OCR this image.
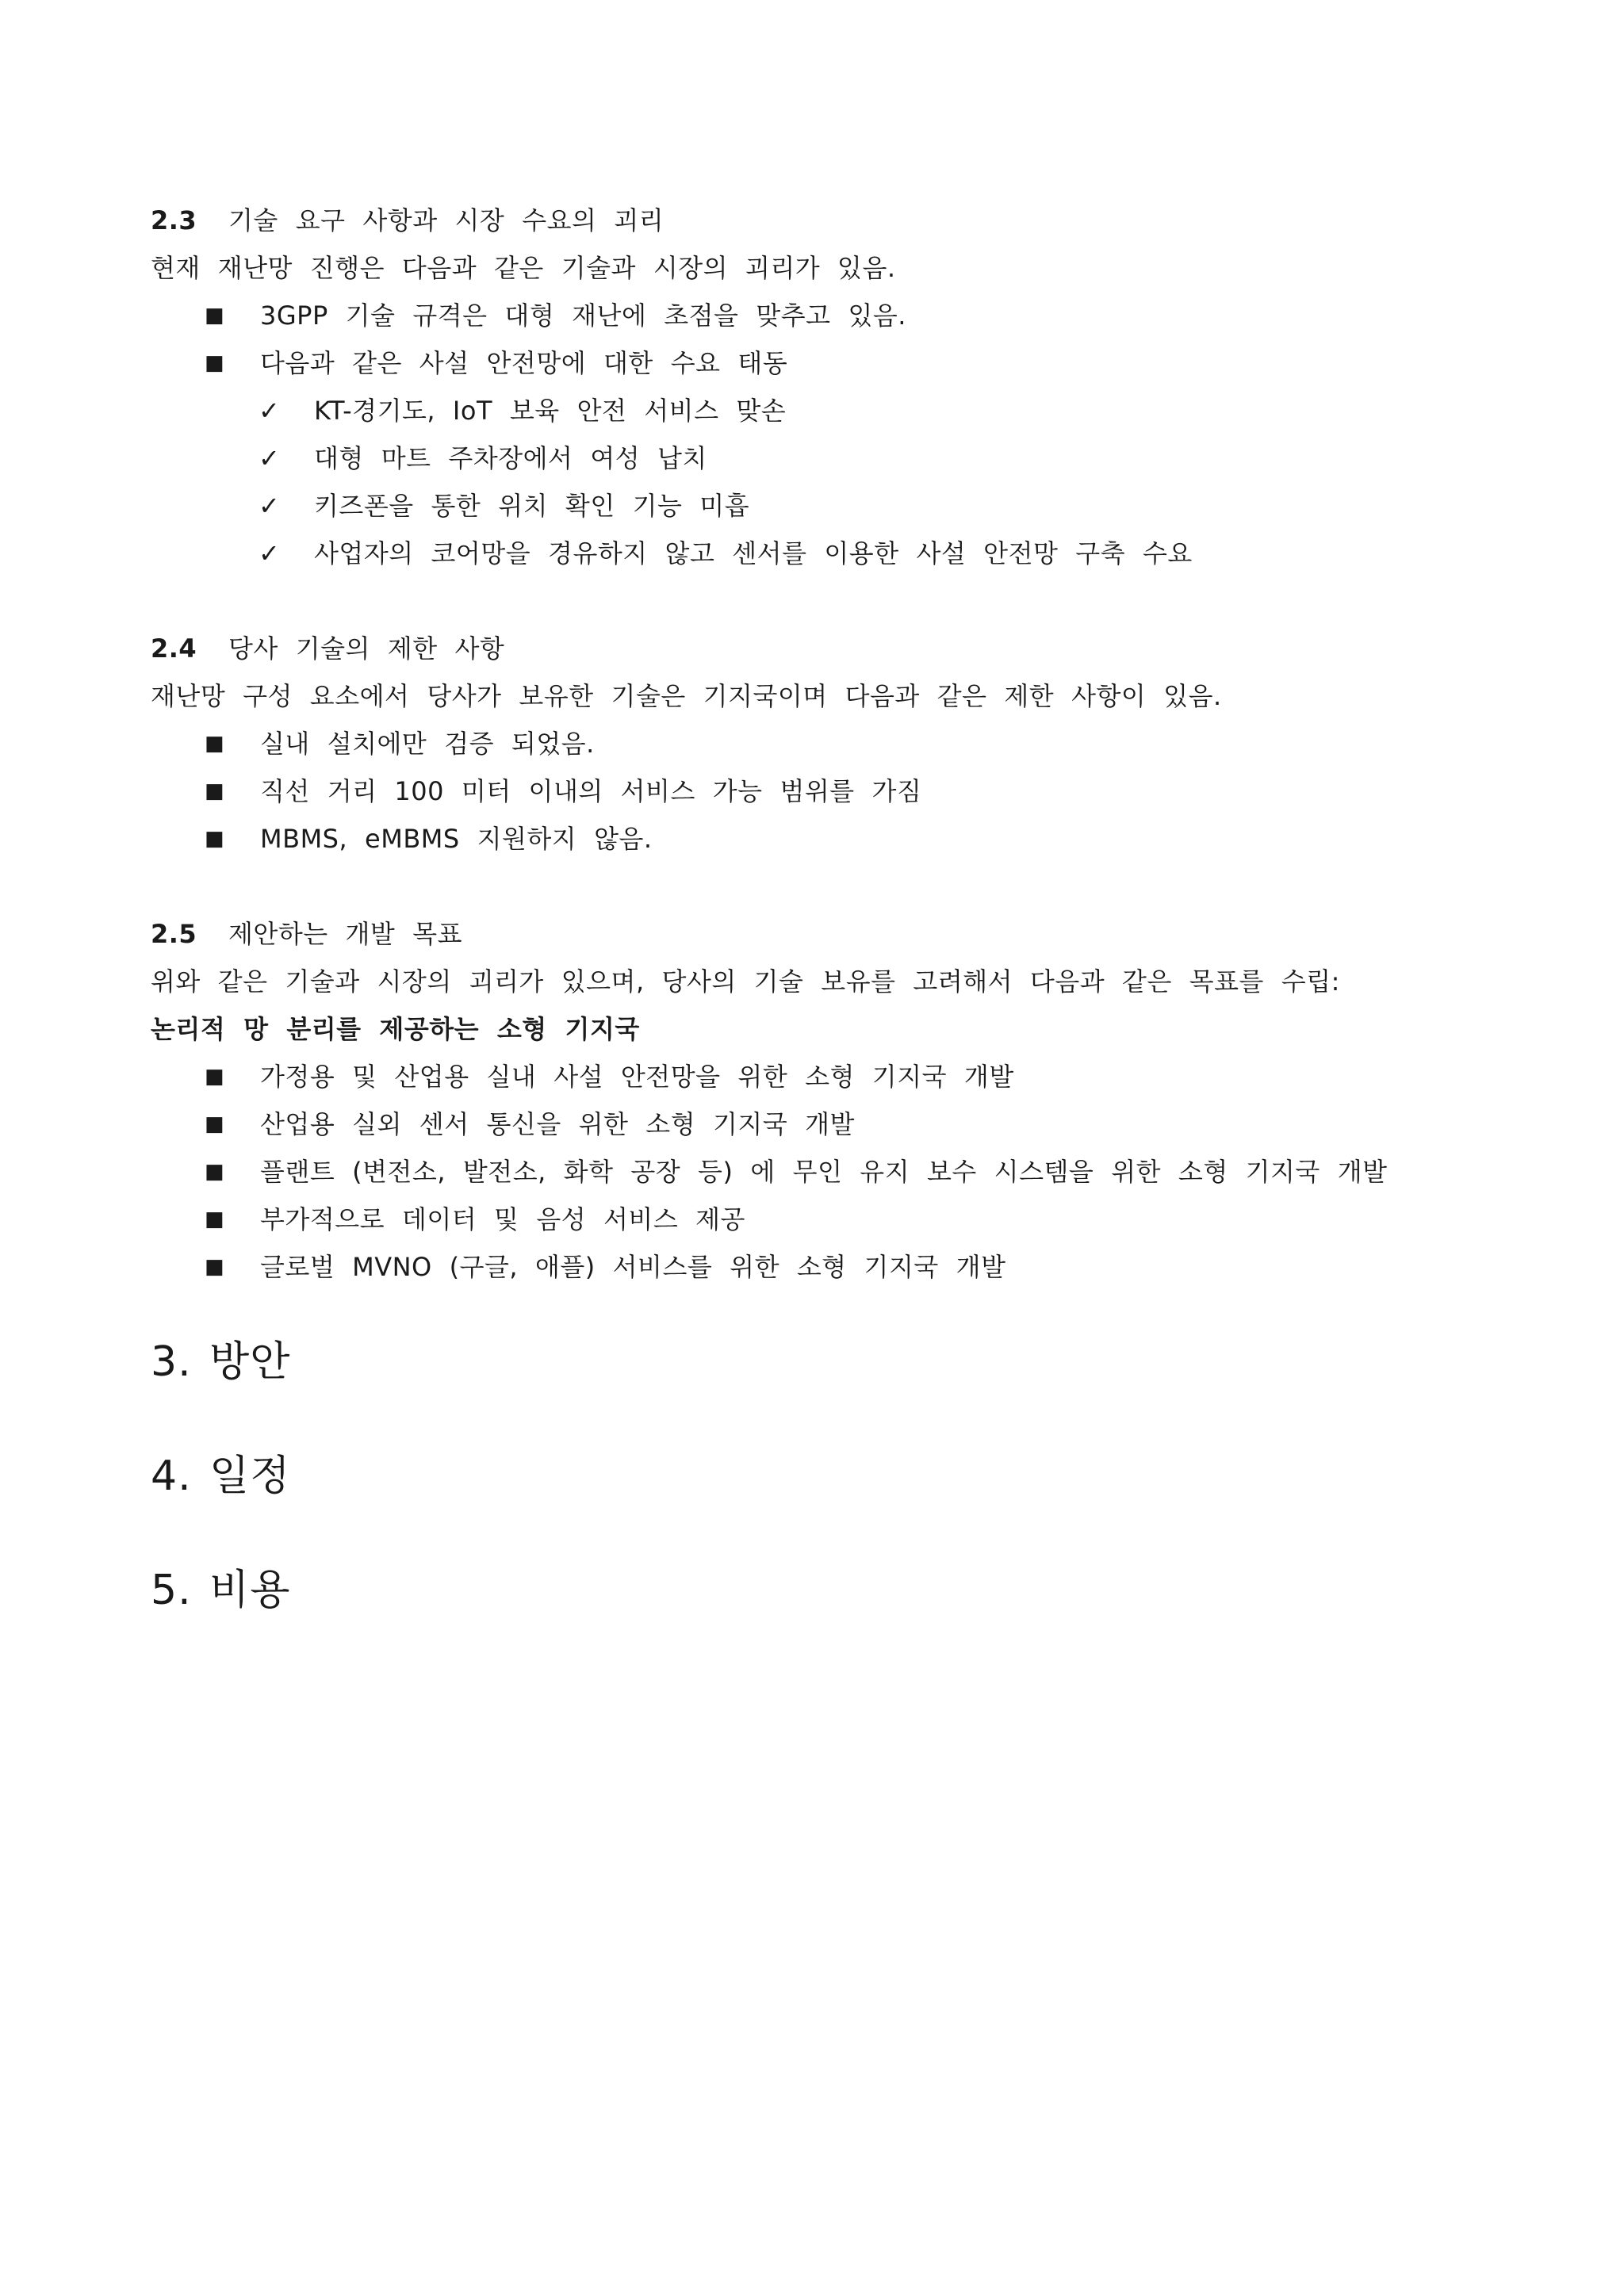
2.3 기술 요구 사항과 시장 수요의 괴리
현재 재난망 진행은 다음과 같은 기술과 시장의 괴리가 있음.
■ 3GPP 기술 규격은 대형 재난에 초점을 맞추고 있음.
■ 다음과 같은 사설 안전망에 대한 수요 태동
✓ KT-경기도, IoT 보육 안전 서비스 맞손
✓ 대형 마트 주차장에서 여성 납치
✓ 키즈폰을 통한 위치 확인 기능 미흡
✓ 사업자의 코어망을 경유하지 않고 센서를 이용한 사설 안전망 구축 수요
2.4 당사 기술의 제한 사항
재난망 구성 요소에서 당사가 보유한 기술은 기지국이며 다음과 같은 제한 사항이 있음.
■ 실내 설치에만 검증 되었음.
■ 직선 거리 100 미터 이내의 서비스 가능 범위를 가짐
■ MBMS, eMBMS 지원하지 않음.
2.5 제안하는 개발 목표
위와 같은 기술과 시장의 괴리가 있으며, 당사의 기술 보유를 고려해서 다음과 같은 목표를 수립:
논리적 망 분리를 제공하는 소형 기지국
■ 가정용 및 산업용 실내 사설 안전망을 위한 소형 기지국 개발
■ 산업용 실외 센서 통신을 위한 소형 기지국 개발
■ 플랜트 (변전소, 발전소, 화학 공장 등) 에 무인 유지 보수 시스템을 위한 소형 기지국 개발
■ 부가적으로 데이터 및 음성 서비스 제공
■ 글로벌 MVNO (구글, 애플) 서비스를 위한 소형 기지국 개발
3. 방안
4. 일정
5. 비용
